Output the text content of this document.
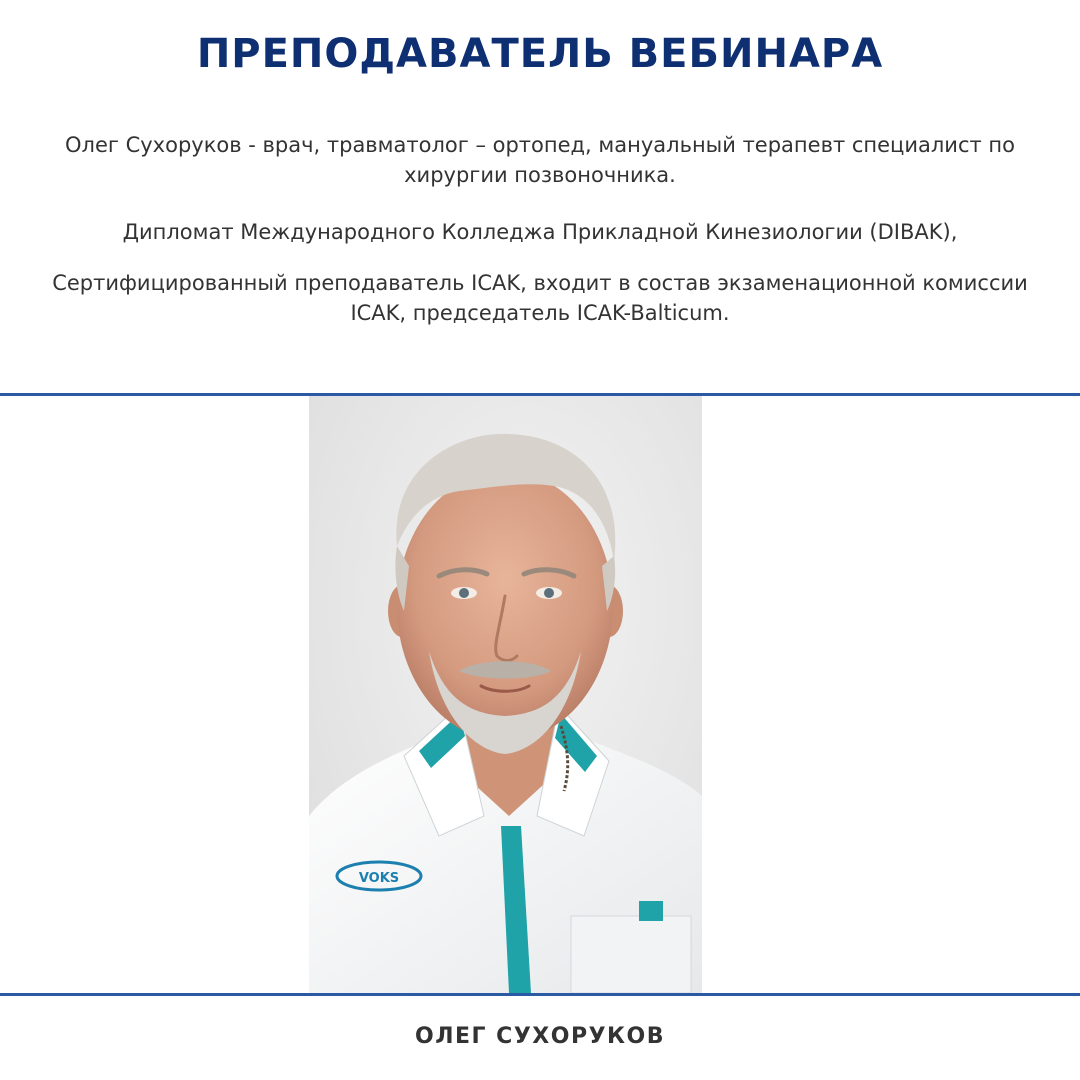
ПРЕПОДАВАТЕЛЬ ВЕБИНАРА

Олег Сухоруков - врач, травматолог – ортопед, мануальный терапевт специалист по
хирургии позвоночника.

Дипломат Международного Колледжа Прикладной Кинезиологии (DIBAK),

Сертифицированный преподаватель ICAK, входит в состав экзаменационной комиссии
ICAK, председатель ICAK-Balticum.

VOKS
ОЛЕГ СУХОРУКОВ
